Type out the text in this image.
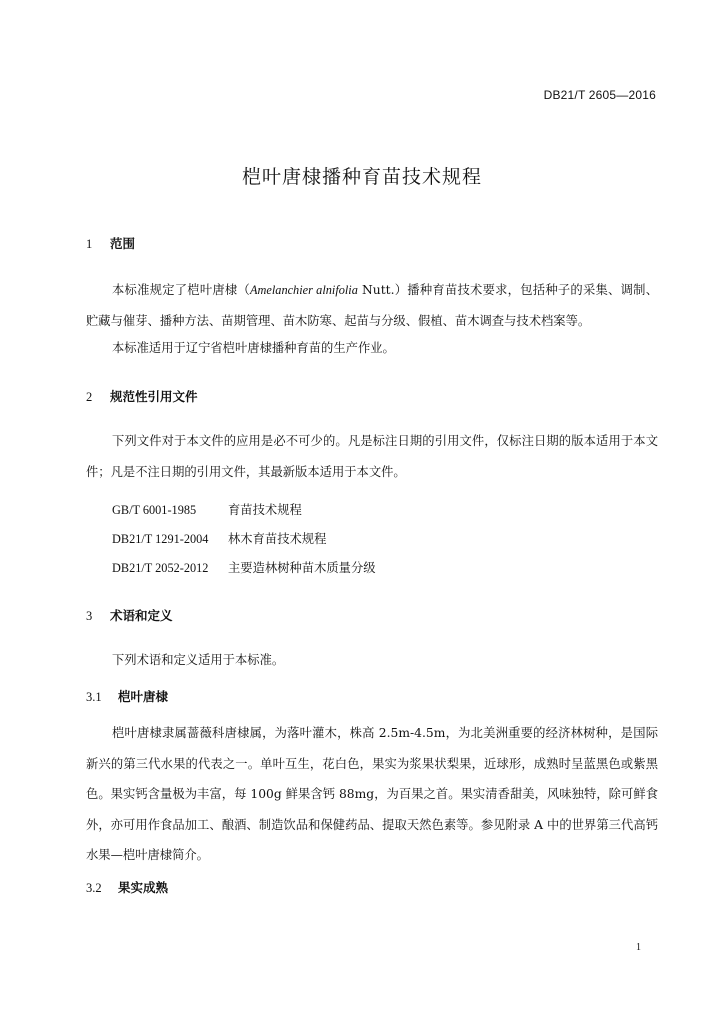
DB21/T 2605—2016
桤叶唐棣播种育苗技术规程
1 范围
本标准规定了桤叶唐棣（Amelanchier alnifolia Nutt.）播种育苗技术要求，包括种子的采集、调制、贮藏与催芽、播种方法、苗期管理、苗木防寒、起苗与分级、假植、苗木调查与技术档案等。
本标准适用于辽宁省桤叶唐棣播种育苗的生产作业。
2 规范性引用文件
下列文件对于本文件的应用是必不可少的。凡是标注日期的引用文件，仅标注日期的版本适用于本文件；凡是不注日期的引用文件，其最新版本适用于本文件。
GB/T 6001-1985	育苗技术规程
DB21/T 1291-2004 林木育苗技术规程
DB21/T 2052-2012 主要造林树种苗木质量分级
3 术语和定义
下列术语和定义适用于本标准。
3.1 桤叶唐棣
桤叶唐棣隶属蔷薇科唐棣属，为落叶灌木，株高 2.5m-4.5m，为北美洲重要的经济林树种，是国际新兴的第三代水果的代表之一。单叶互生，花白色，果实为浆果状梨果，近球形，成熟时呈蓝黑色或紫黑色。果实钙含量极为丰富，每 100g 鲜果含钙 88mg，为百果之首。果实清香甜美，风味独特，除可鲜食外，亦可用作食品加工、酿酒、制造饮品和保健药品、提取天然色素等。参见附录 A 中的世界第三代高钙水果—桤叶唐棣简介。
3.2 果实成熟
1
